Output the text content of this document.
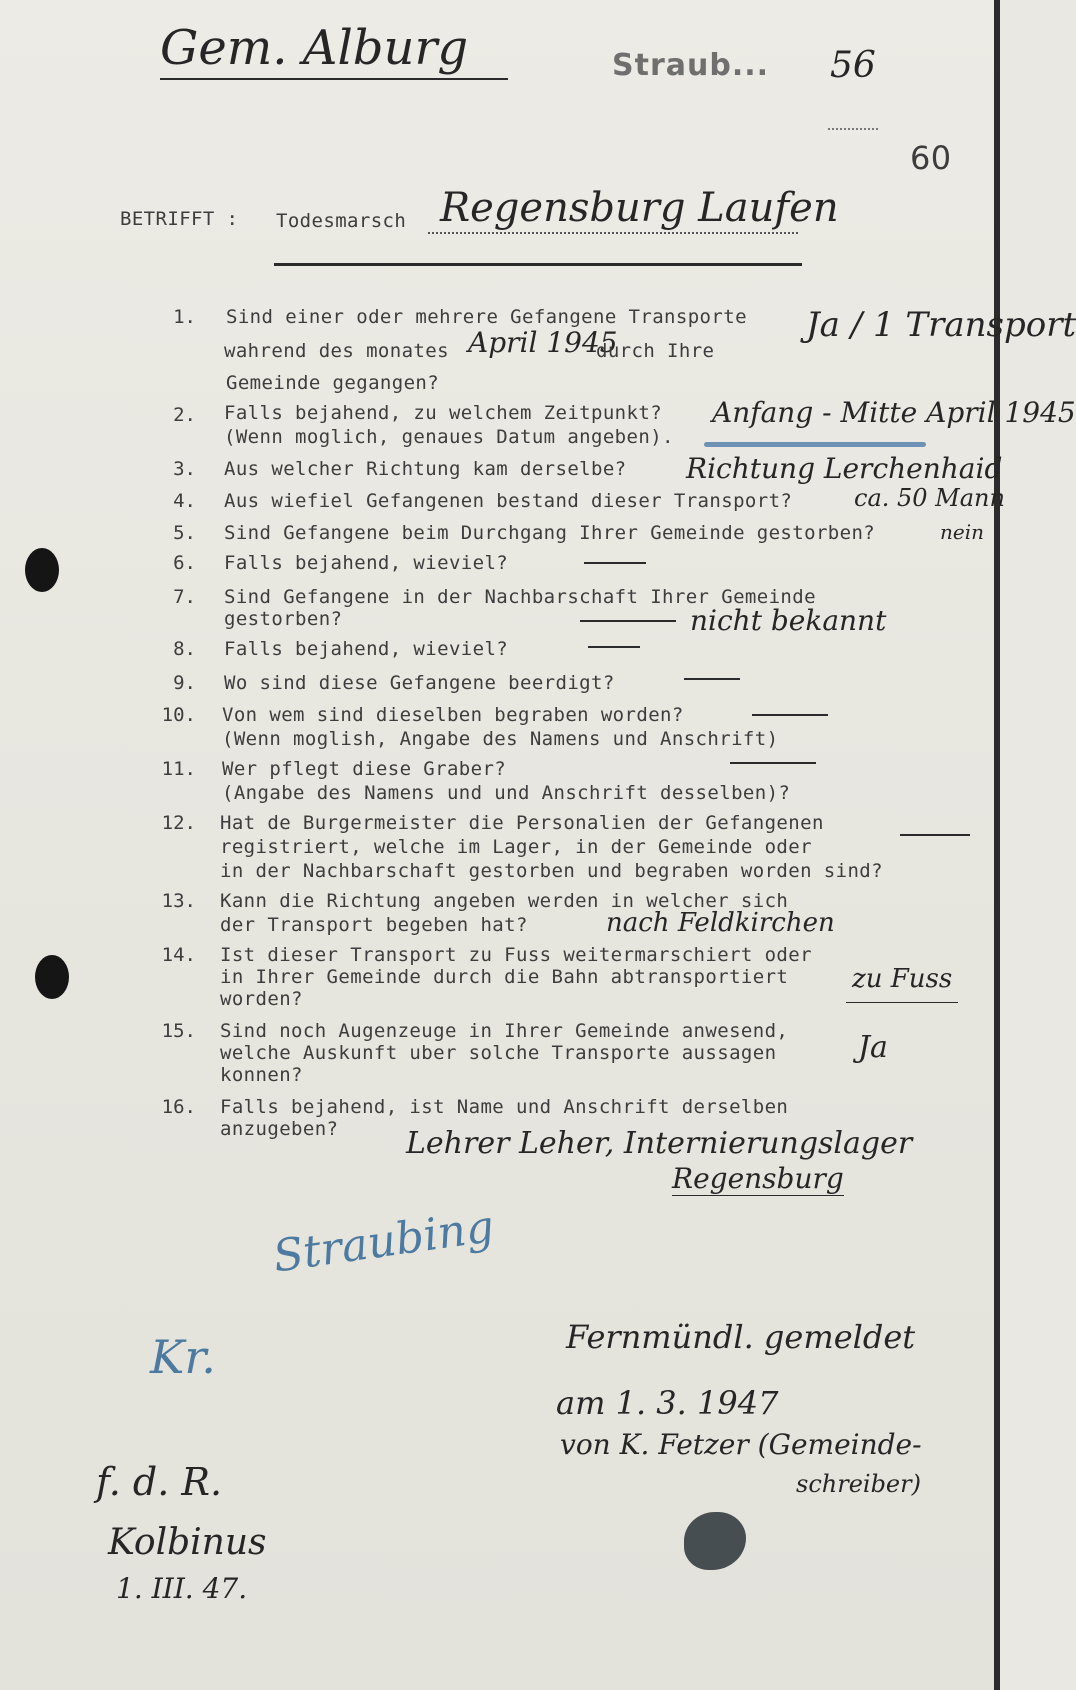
Gem. Alburg	Straub... 56
60
BETRIFFT : Todesmarsch Regensburg Laufen
1. Sind einer oder mehrere Gefangene Transporte
wahrend des monates April 1945
durch Ihre
Gemeinde gegangen?
Ja / 1 Transport
2. Falls bejahend, zu welchem Zeitpunkt?
(Wenn moglich, genaues Datum angeben).
Anfang - Mitte April 1945
3. Aus welcher Richtung kam derselbe? Richtung Lerchenhaid
4. Aus wiefiel Gefangenen bestand dieser Transport?	ca. 50 Mann
5. Sind Gefangene beim Durchgang Ihrer Gemeinde gestorben?	nein
6. Falls bejahend, wieviel?
7. Sind Gefangene in der Nachbarschaft Ihrer Gemeinde
gestorben?	nicht bekannt
8. Falls bejahend, wieviel?
9. Wo sind diese Gefangene beerdigt?
10. Von wem sind dieselben begraben worden?
(Wenn moglish, Angabe des Namens und Anschrift)
11. Wer pflegt diese Graber?
(Angabe des Namens und und Anschrift desselben)?
12. Hat de Burgermeister die Personalien der Gefangenen
registriert, welche im Lager, in der Gemeinde oder
in der Nachbarschaft gestorben und begraben worden sind?
13. Kann die Richtung angeben werden in welcher sich
der Transport begeben hat?	nach Feldkirchen
14. Ist dieser Transport zu Fuss weitermarschiert oder
in Ihrer Gemeinde durch die Bahn abtransportiert
worden?
zu Fuss
15. Sind noch Augenzeuge in Ihrer Gemeinde anwesend,
welche Auskunft uber solche Transporte aussagen
konnen?
Ja
16. Falls bejahend, ist Name und Anschrift derselben
anzugeben? Lehrer Leher, Internierungslager
Regensburg
Straubing
Kr.	Fernmündl. gemeldet
am 1. 3. 1947
von K. Fetzer (Gemeinde-
schreiber)
f. d. R.
Kolbinus
1. III. 47.
